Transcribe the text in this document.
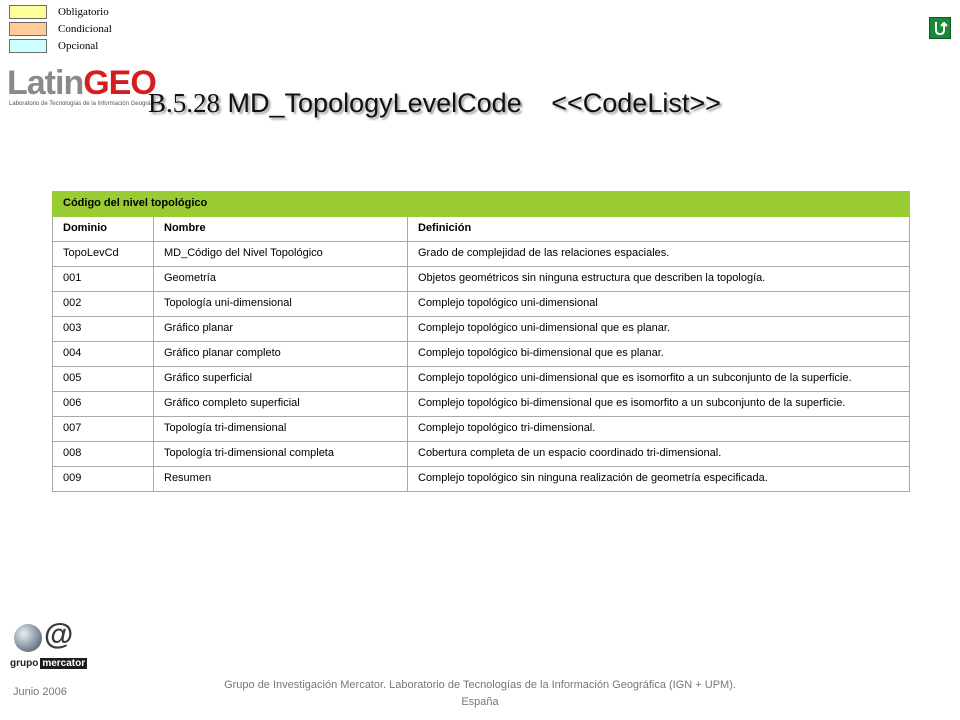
Obligatorio
Condicional
Opcional
LatinGEO
Laboratorio de Tecnologías de la Información Geográfica
B.5.28 MD_TopologyLevelCode <<CodeList>>
Código del nivel topológico		
Dominio	Nombre	Definición
TopoLevCd	MD_Código del Nivel Topológico	Grado de complejidad de las relaciones espaciales.
001	Geometría	Objetos geométricos sin ninguna estructura que describen la topología.
002	Topología uni-dimensional	Complejo topológico uni-dimensional
003	Gráfico planar	Complejo topológico uni-dimensional que es planar.
004	Gráfico planar completo	Complejo topológico bi-dimensional que es planar.
005	Gráfico superficial	Complejo topológico uni-dimensional que es isomorfito a un subconjunto de la superficie.
006	Gráfico completo superficial	Complejo topológico bi-dimensional que es isomorfito a un subconjunto de la superficie.
007	Topología tri-dimensional	Complejo topológico tri-dimensional.
008	Topología tri-dimensional completa	Cobertura completa de un espacio coordinado tri-dimensional.
009	Resumen	Complejo topológico sin ninguna realización de geometría especificada.
@
grupo mercator
Junio 2006
Grupo de Investigación Mercator. Laboratorio de Tecnologías de la Información Geográfica (IGN + UPM).
España
